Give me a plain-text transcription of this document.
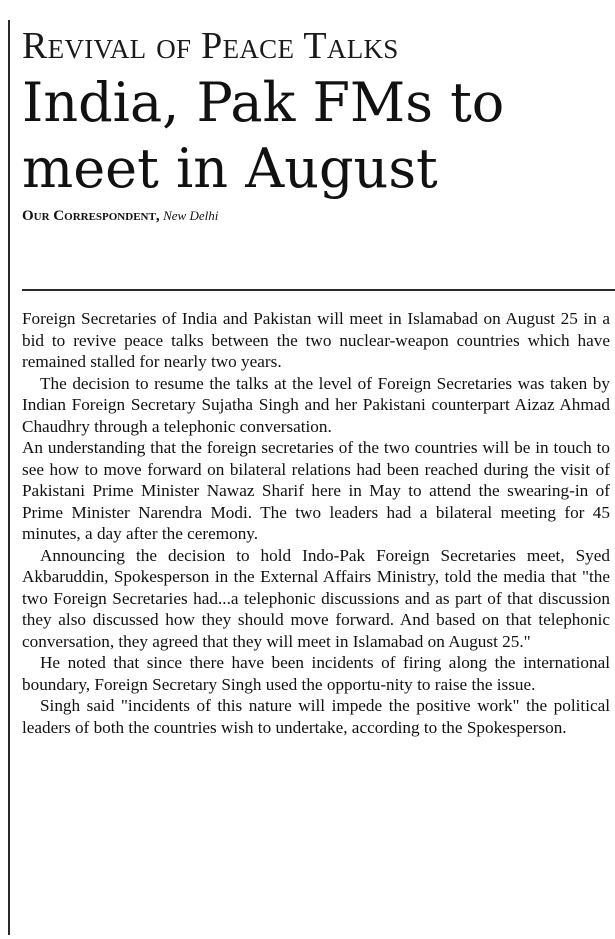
Revival of Peace Talks
India, Pak FMs to
meet in August
Our Correspondent, New Delhi

Foreign Secretaries of India and Pakistan will meet in Islamabad on August 25 in a bid to revive peace talks between the two nuclear-weapon countries which have remained stalled for nearly two years.

The decision to resume the talks at the level of Foreign Secretaries was taken by Indian Foreign Secretary Sujatha Singh and her Pakistani counterpart Aizaz Ahmad Chaudhry through a telephonic conversation.

An understanding that the foreign secretaries of the two countries will be in touch to see how to move forward on bilateral relations had been reached during the visit of Pakistani Prime Minister Nawaz Sharif here in May to attend the swearing-in of Prime Minister Narendra Modi. The two leaders had a bilateral meeting for 45 minutes, a day after the ceremony.

Announcing the decision to hold Indo-Pak Foreign Secretaries meet, Syed Akbaruddin, Spokesperson in the External Affairs Ministry, told the media that "the two Foreign Secretaries had...a telephonic discussions and as part of that discussion they also discussed how they should move forward. And based on that telephonic conversation, they agreed that they will meet in Islamabad on August 25."

He noted that since there have been incidents of firing along the international boundary, Foreign Secretary Singh used the opportu-nity to raise the issue.

Singh said "incidents of this nature will impede the positive work" the political leaders of both the countries wish to undertake, according to the Spokesperson.
